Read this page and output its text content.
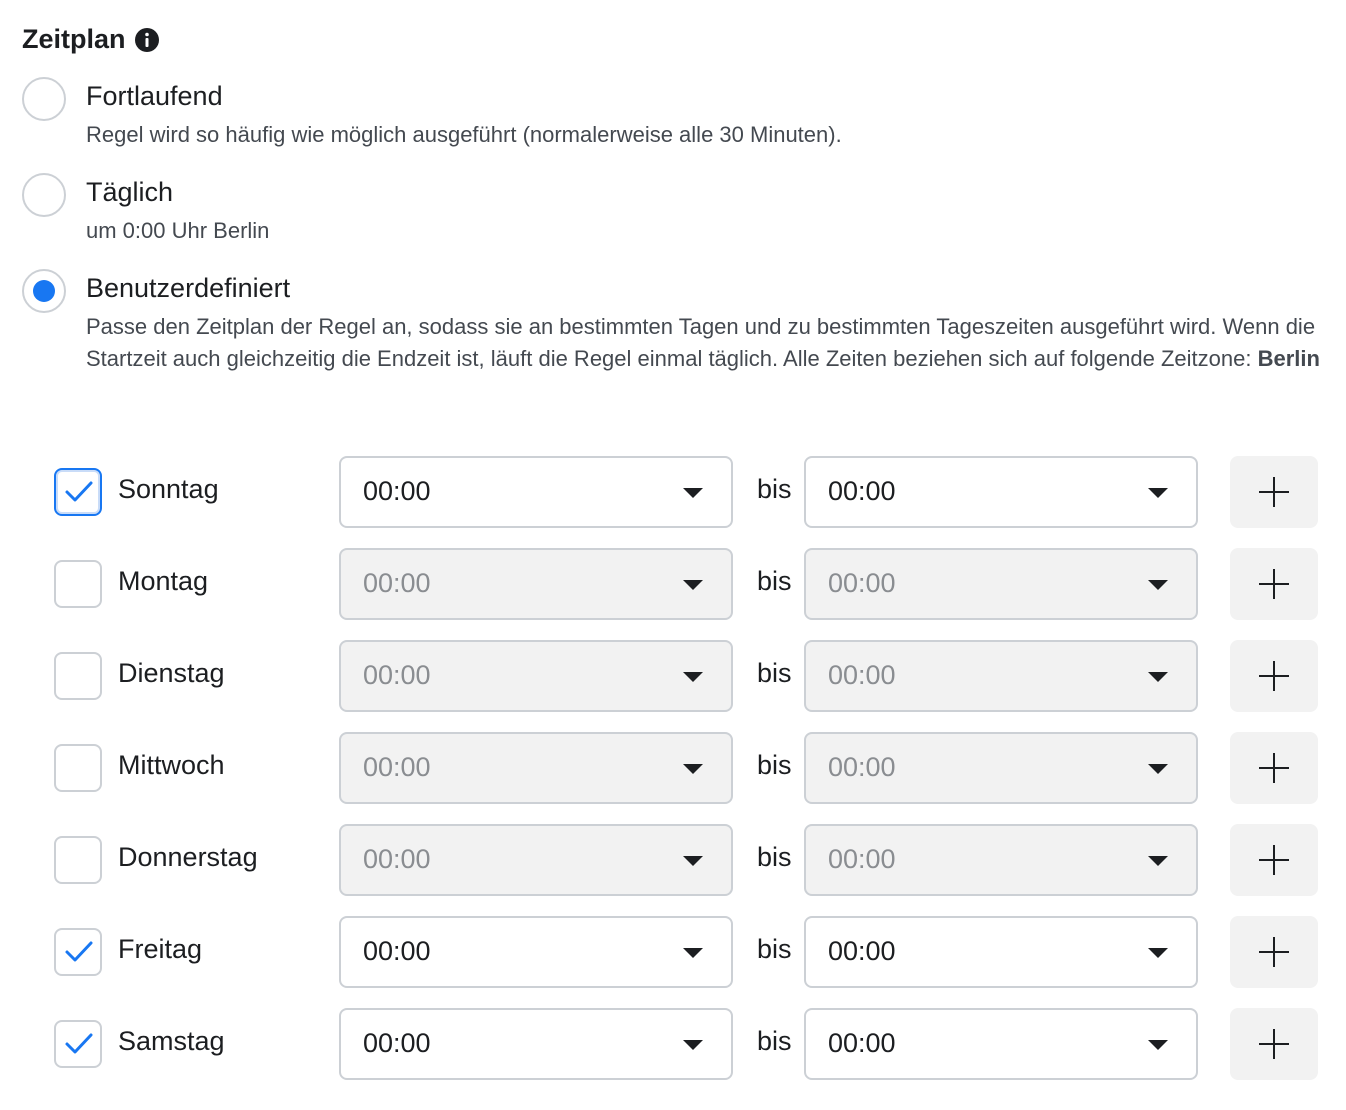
Zeitplan
Fortlaufend
Regel wird so häufig wie möglich ausgeführt (normalerweise alle 30 Minuten).
Täglich
um 0:00 Uhr Berlin
Benutzerdefiniert
Passe den Zeitplan der Regel an, sodass sie an bestimmten Tagen und zu bestimmten Tageszeiten ausgeführt wird. Wenn die Startzeit auch gleichzeitig die Endzeit ist, läuft die Regel einmal täglich. Alle Zeiten beziehen sich auf folgende Zeitzone: Berlin
Sonntag	00:00	bis 00:00
Montag	00:00	bis 00:00
Dienstag	00:00	bis 00:00
Mittwoch	00:00	bis 00:00
Donnerstag	00:00	bis 00:00
Freitag	00:00	bis 00:00
Samstag	00:00	bis 00:00
